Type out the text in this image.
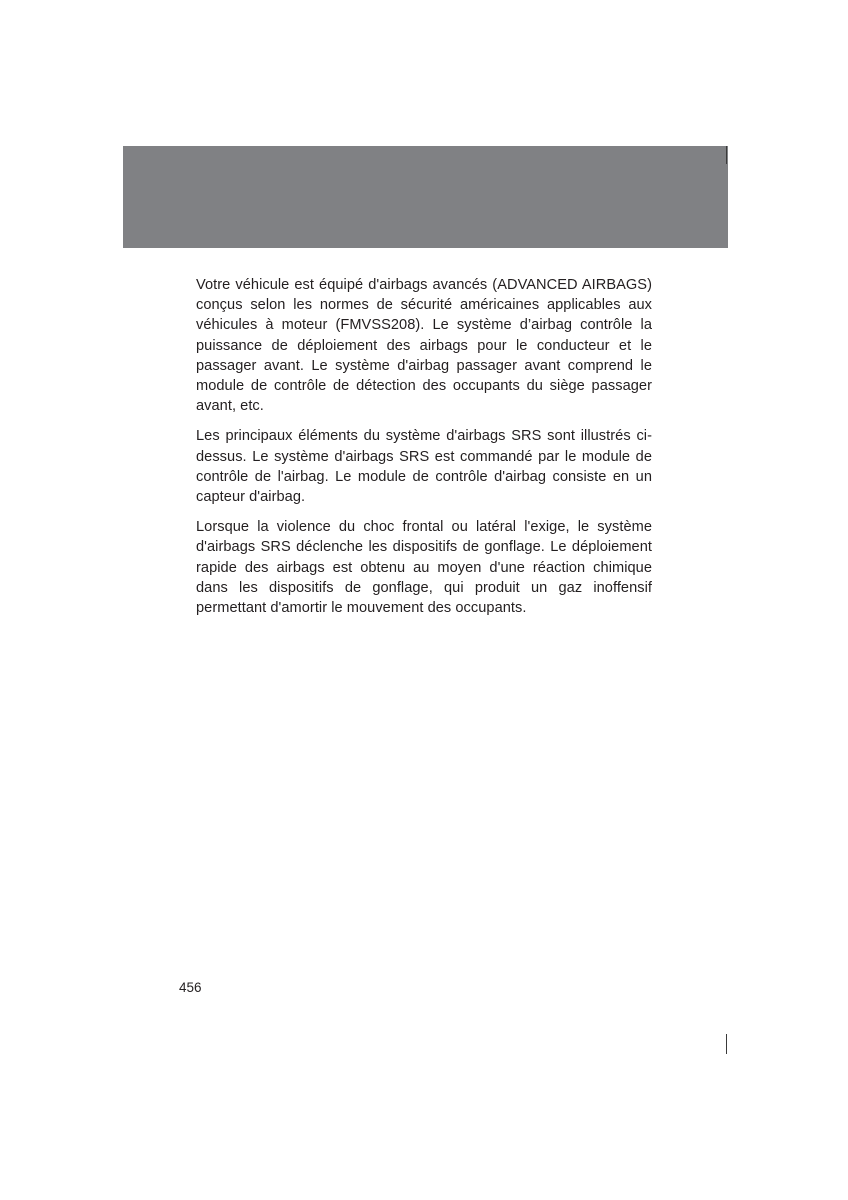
Votre véhicule est équipé d'airbags avancés (ADVANCED AIRBAGS) conçus selon les normes de sécurité américaines applicables aux véhicules à moteur (FMVSS208). Le système d’airbag contrôle la puissance de déploiement des airbags pour le conducteur et le passager avant. Le système d'airbag passager avant comprend le module de contrôle de détection des occupants du siège passager avant, etc.

Les principaux éléments du système d'airbags SRS sont illustrés ci-dessus. Le système d'airbags SRS est commandé par le module de contrôle de l'airbag. Le module de contrôle d'airbag consiste en un capteur d'airbag.

Lorsque la violence du choc frontal ou latéral l'exige, le système d'airbags SRS déclenche les dispositifs de gonflage. Le déploiement rapide des airbags est obtenu au moyen d'une réaction chimique dans les dispositifs de gonflage, qui produit un gaz inoffensif permettant d'amortir le mouvement des occupants.

456
